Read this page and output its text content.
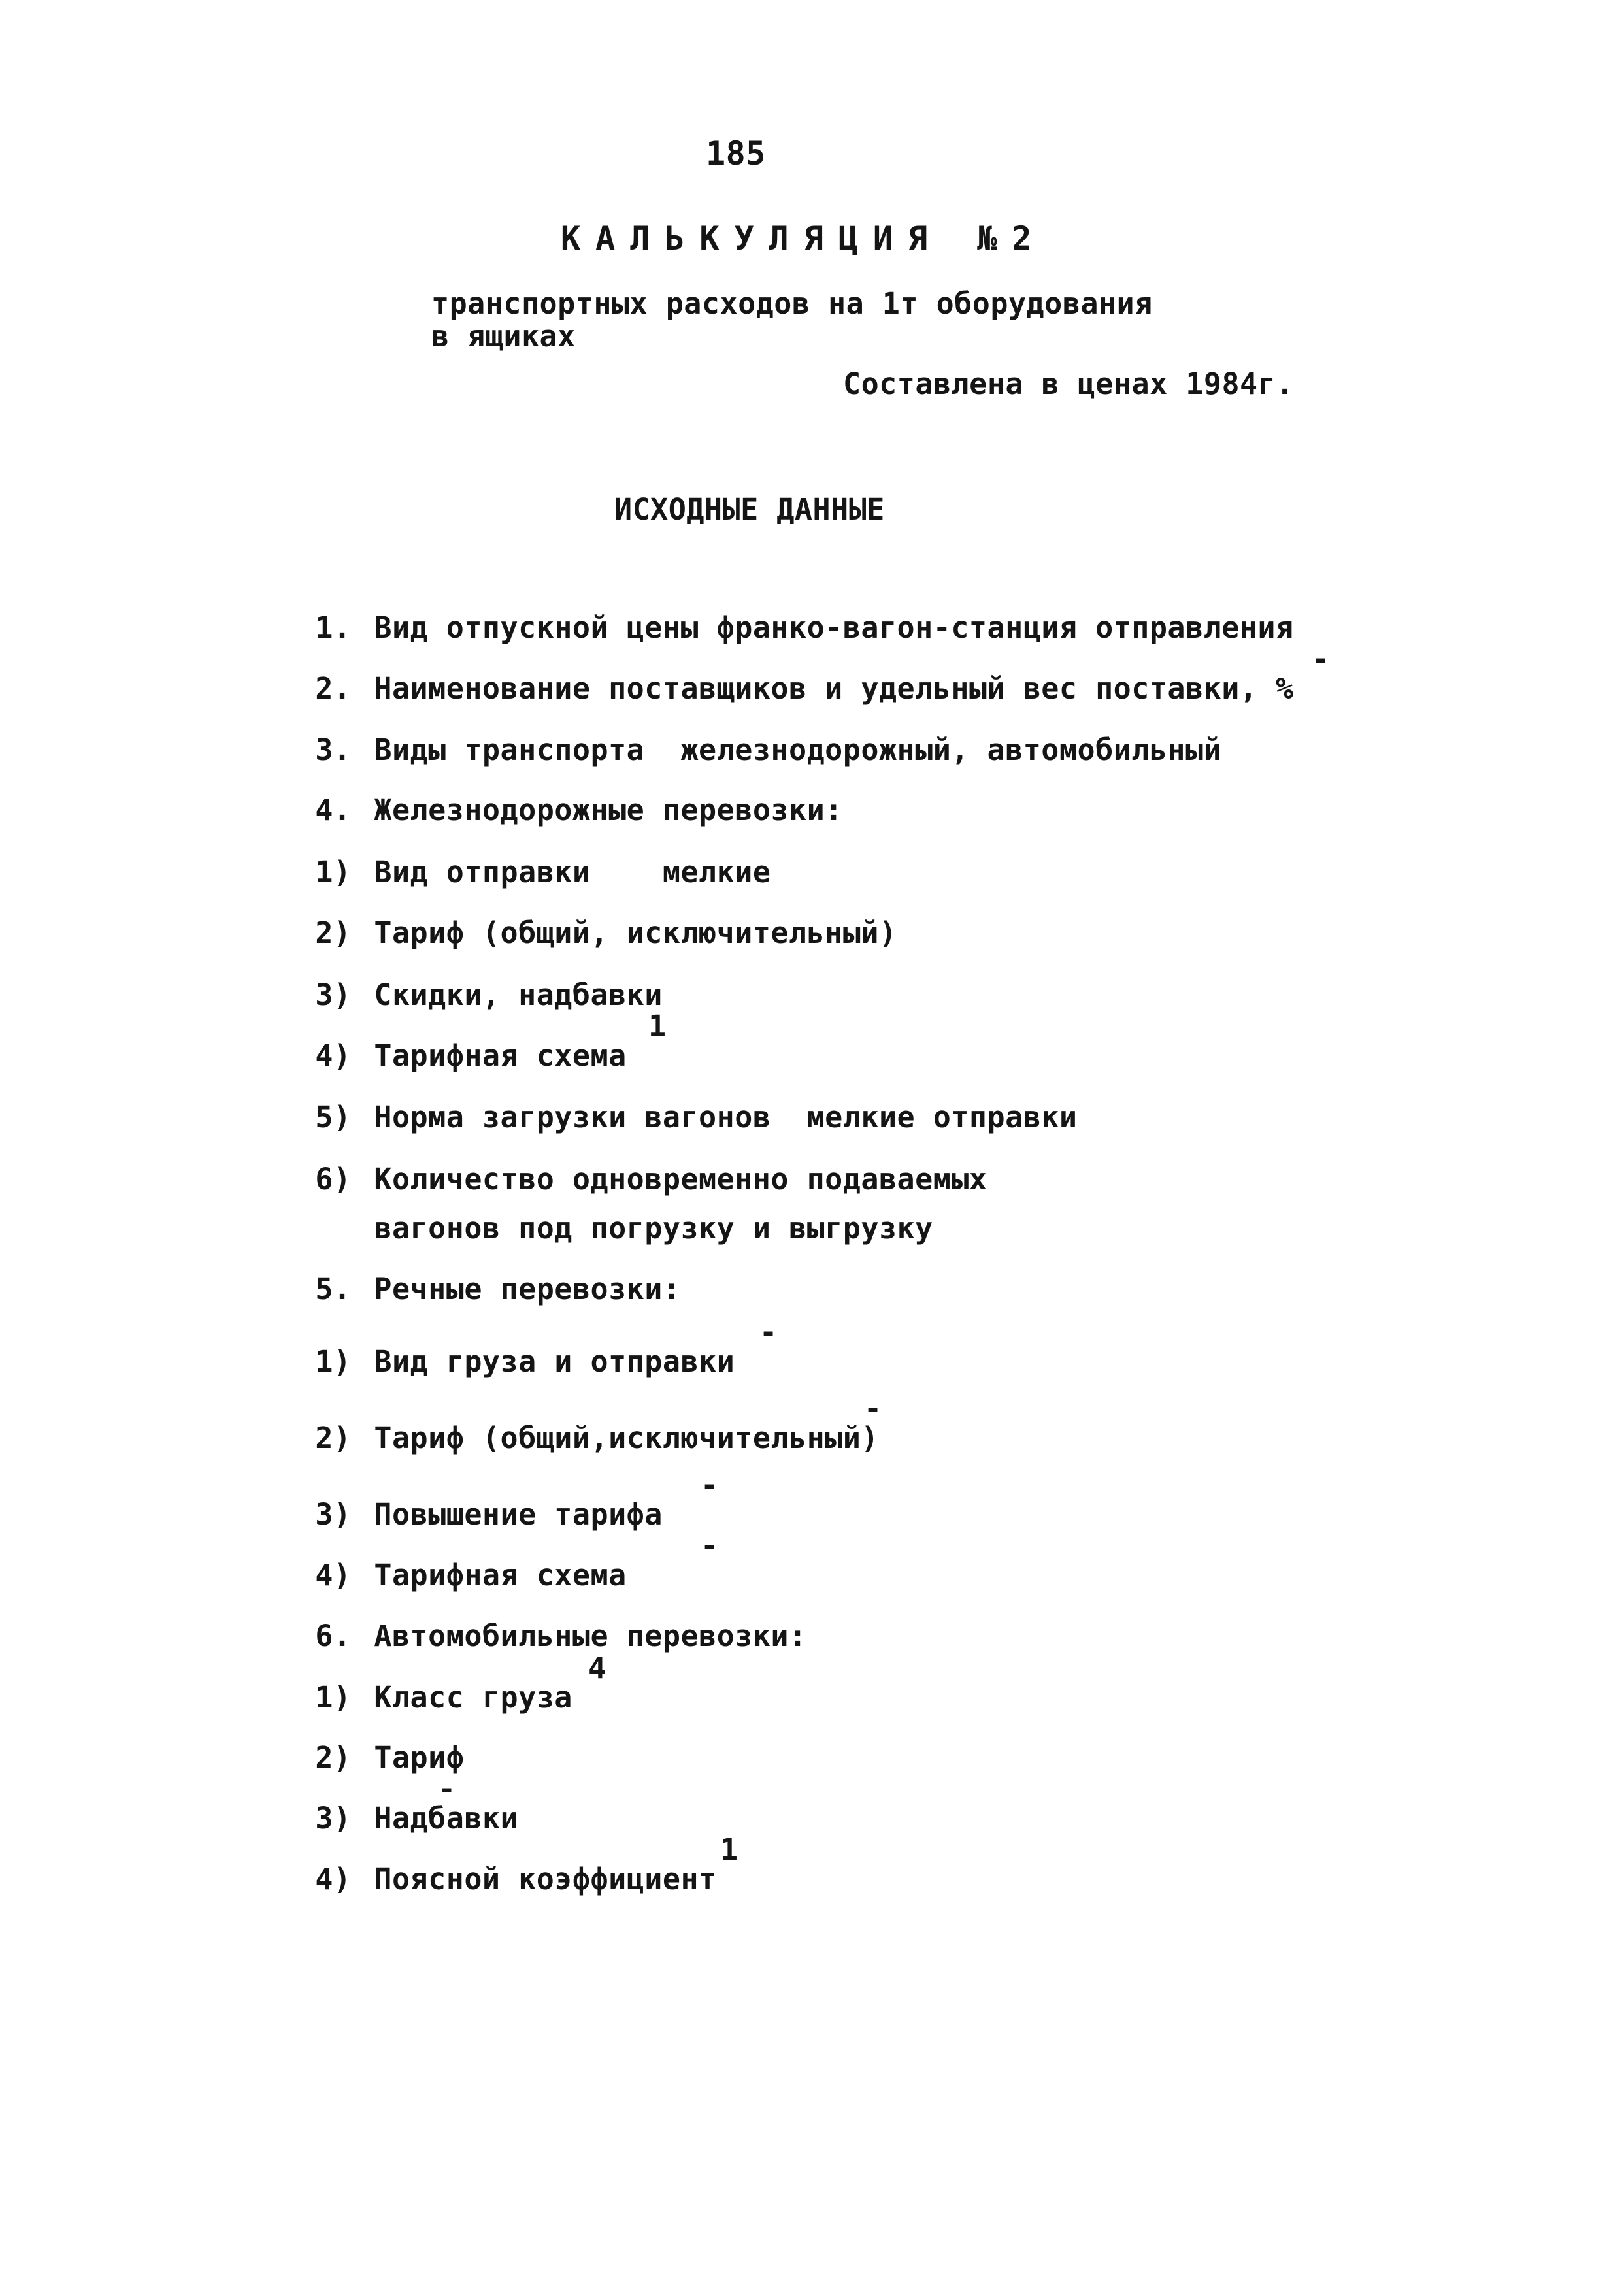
185
КАЛЬКУЛЯЦИЯ №2
транспортных расходов на 1т оборудования
в ящиках
Составлена в ценах 1984г.
ИСХОДНЫЕ ДАННЫЕ

1. Вид отпускной цены франко-вагон-станция отправления

2. Наименование поставщиков и удельный вес поставки, %

-

3. Виды транспорта  железнодорожный, автомобильный

4. Железнодорожные перевозки:

1) Вид отправки    мелкие

2) Тариф (общий, исключительный)

3) Скидки, надбавки

4) Тарифная схема

1

5) Норма загрузки вагонов  мелкие отправки

6) Количество одновременно подаваемых

вагонов под погрузку и выгрузку

5. Речные перевозки:

1) Вид груза и отправки

-

2) Тариф (общий,исключительный)

-

3) Повышение тарифа

-

4) Тарифная схема

-

6. Автомобильные перевозки:

1) Класс груза

4

2) Тариф

3) Надбавки

-

4) Поясной коэффициент

1
